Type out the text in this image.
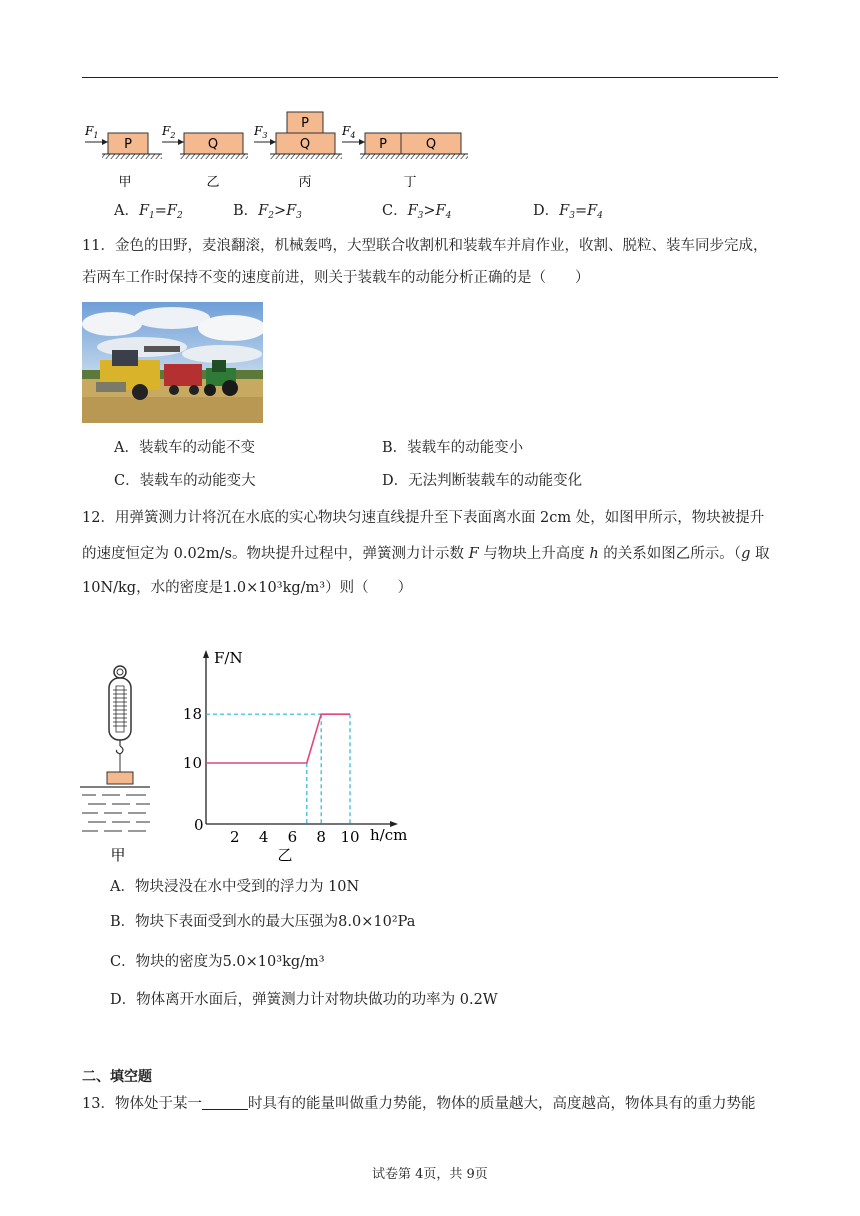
P
$F_1$
Q
$F_2$
P
Q
$F_3$
P	Q
$F_4$
甲	乙	丙	丁
A．$F_1=F_2$	B．$F_2>F_3$	C．$F_3>F_4$	D．$F_3=F_4$
11．金色的田野，麦浪翻滚，机械轰鸣，大型联合收割机和装载车并肩作业，收割、脱粒、装车同步完成，
若两车工作时保持不变的速度前进，则关于装载车的动能分析正确的是（　　）
A．装载车的动能不变	B．装载车的动能变小
C．装载车的动能变大	D．无法判断装载车的动能变化
12．用弹簧测力计将沉在水底的实心物块匀速直线提升至下表面离水面 2cm 处，如图甲所示，物块被提升
的速度恒定为 0.02m/s。物块提升过程中，弹簧测力计示数 F 与物块上升高度 h 的关系如图乙所示。（g 取
10N/kg，水的密度是1.0×10³kg/m³）则（　　）
甲
F/N
h/cm
0
2 4 6 8 10
10
18
乙
A．物块浸没在水中受到的浮力为 10N
B．物块下表面受到水的最大压强为8.0×10²Pa
C．物块的密度为5.0×10³kg/m³
D．物体离开水面后，弹簧测力计对物块做功的功率为 0.2W
二、填空题
13．物体处于某一	时具有的能量叫做重力势能，物体的质量越大，高度越高，物体具有的重力势能
试卷第 4页，共 9页
